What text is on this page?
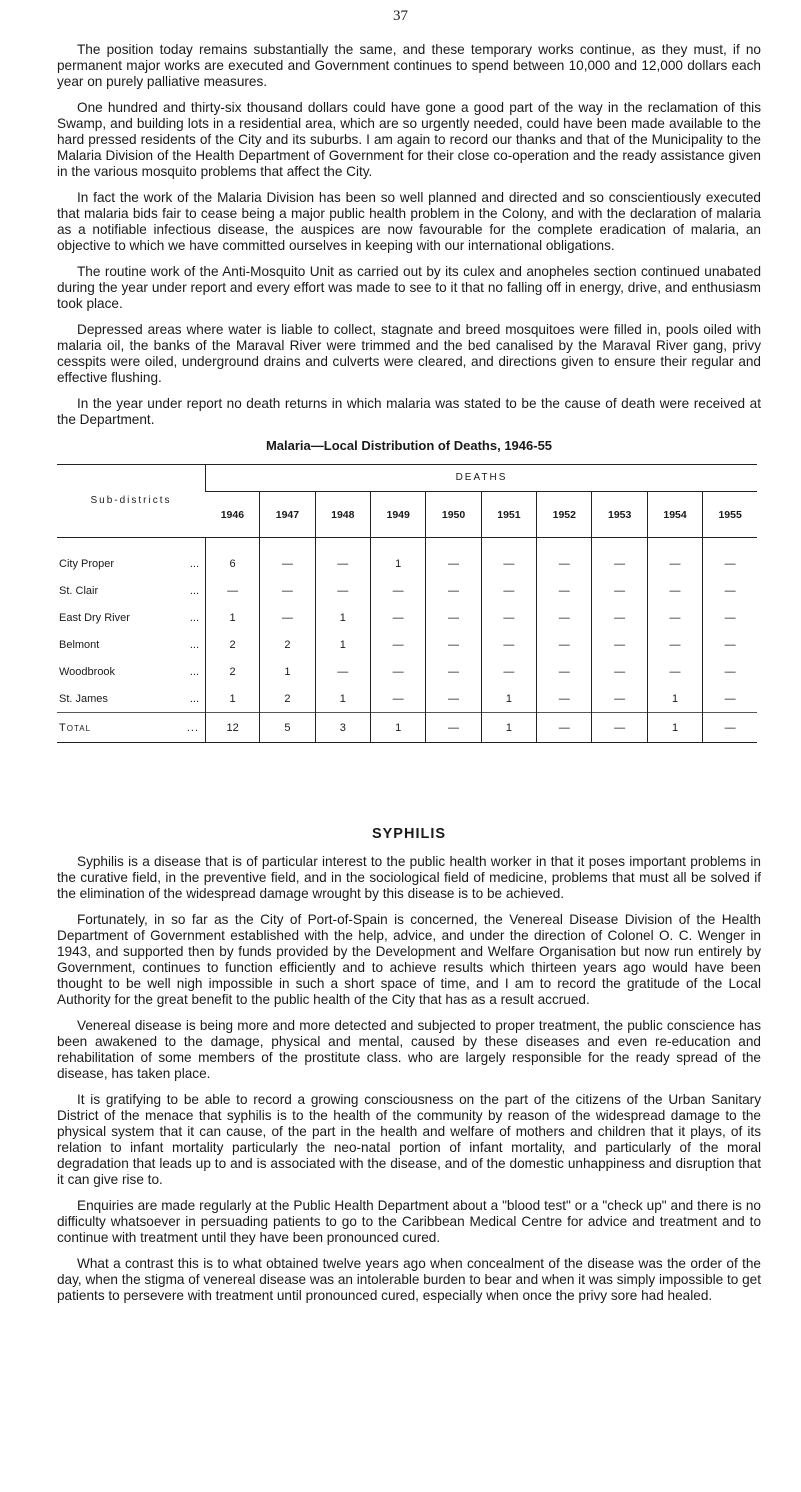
37

The position today remains substantially the same, and these temporary works continue, as they must, if no permanent major works are executed and Government continues to spend between 10,000 and 12,000 dollars each year on purely palliative measures.

One hundred and thirty-six thousand dollars could have gone a good part of the way in the reclamation of this Swamp, and building lots in a residential area, which are so urgently needed, could have been made available to the hard pressed residents of the City and its suburbs. I am again to record our thanks and that of the Municipality to the Malaria Division of the Health Department of Government for their close co-operation and the ready assistance given in the various mosquito problems that affect the City.

In fact the work of the Malaria Division has been so well planned and directed and so conscientiously executed that malaria bids fair to cease being a major public health problem in the Colony, and with the declaration of malaria as a notifiable infectious disease, the auspices are now favourable for the complete eradication of malaria, an objective to which we have committed ourselves in keeping with our international obligations.

The routine work of the Anti-Mosquito Unit as carried out by its culex and anopheles section continued unabated during the year under report and every effort was made to see to it that no falling off in energy, drive, and enthusiasm took place.

Depressed areas where water is liable to collect, stagnate and breed mosquitoes were filled in, pools oiled with malaria oil, the banks of the Maraval River were trimmed and the bed canalised by the Maraval River gang, privy cesspits were oiled, underground drains and culverts were cleared, and directions given to ensure their regular and effective flushing.

In the year under report no death returns in which malaria was stated to be the cause of death were received at the Department.

Malaria—Local Distribution of Deaths, 1946-55
Sub-districts	DEATHS									
	1946	1947	1948	1949	1950	1951	1952	1953	1954	1955
City Proper ...	6	—	—	1	—	—	—	—	—	—
St. Clair ...	—	—	—	—	—	—	—	—	—	—
East Dry River ...	1	—	1	—	—	—	—	—	—	—
Belmont ...	2	2	1	—	—	—	—	—	—	—
Woodbrook ...	2	1	—	—	—	—	—	—	—	—
St. James ...	1	2	1	—	—	1	—	—	1	—
Total ...	12	5	3	1	—	1	—	—	1	—
SYPHILIS

Syphilis is a disease that is of particular interest to the public health worker in that it poses important problems in the curative field, in the preventive field, and in the sociological field of medicine, problems that must all be solved if the elimination of the widespread damage wrought by this disease is to be achieved.

Fortunately, in so far as the City of Port-of-Spain is concerned, the Venereal Disease Division of the Health Department of Government established with the help, advice, and under the direction of Colonel O. C. Wenger in 1943, and supported then by funds provided by the Development and Welfare Organisation but now run entirely by Government, continues to function efficiently and to achieve results which thirteen years ago would have been thought to be well nigh impossible in such a short space of time, and I am to record the gratitude of the Local Authority for the great benefit to the public health of the City that has as a result accrued.

Venereal disease is being more and more detected and subjected to proper treatment, the public conscience has been awakened to the damage, physical and mental, caused by these diseases and even re-education and rehabilitation of some members of the prostitute class. who are largely responsible for the ready spread of the disease, has taken place.

It is gratifying to be able to record a growing consciousness on the part of the citizens of the Urban Sanitary District of the menace that syphilis is to the health of the community by reason of the widespread damage to the physical system that it can cause, of the part in the health and welfare of mothers and children that it plays, of its relation to infant mortality particularly the neo-natal portion of infant mortality, and particularly of the moral degradation that leads up to and is associated with the disease, and of the domestic unhappiness and disruption that it can give rise to.

Enquiries are made regularly at the Public Health Department about a "blood test" or a "check up" and there is no difficulty whatsoever in persuading patients to go to the Caribbean Medical Centre for advice and treatment and to continue with treatment until they have been pronounced cured.

What a contrast this is to what obtained twelve years ago when concealment of the disease was the order of the day, when the stigma of venereal disease was an intolerable burden to bear and when it was simply impossible to get patients to persevere with treatment until pronounced cured, especially when once the privy sore had healed.
